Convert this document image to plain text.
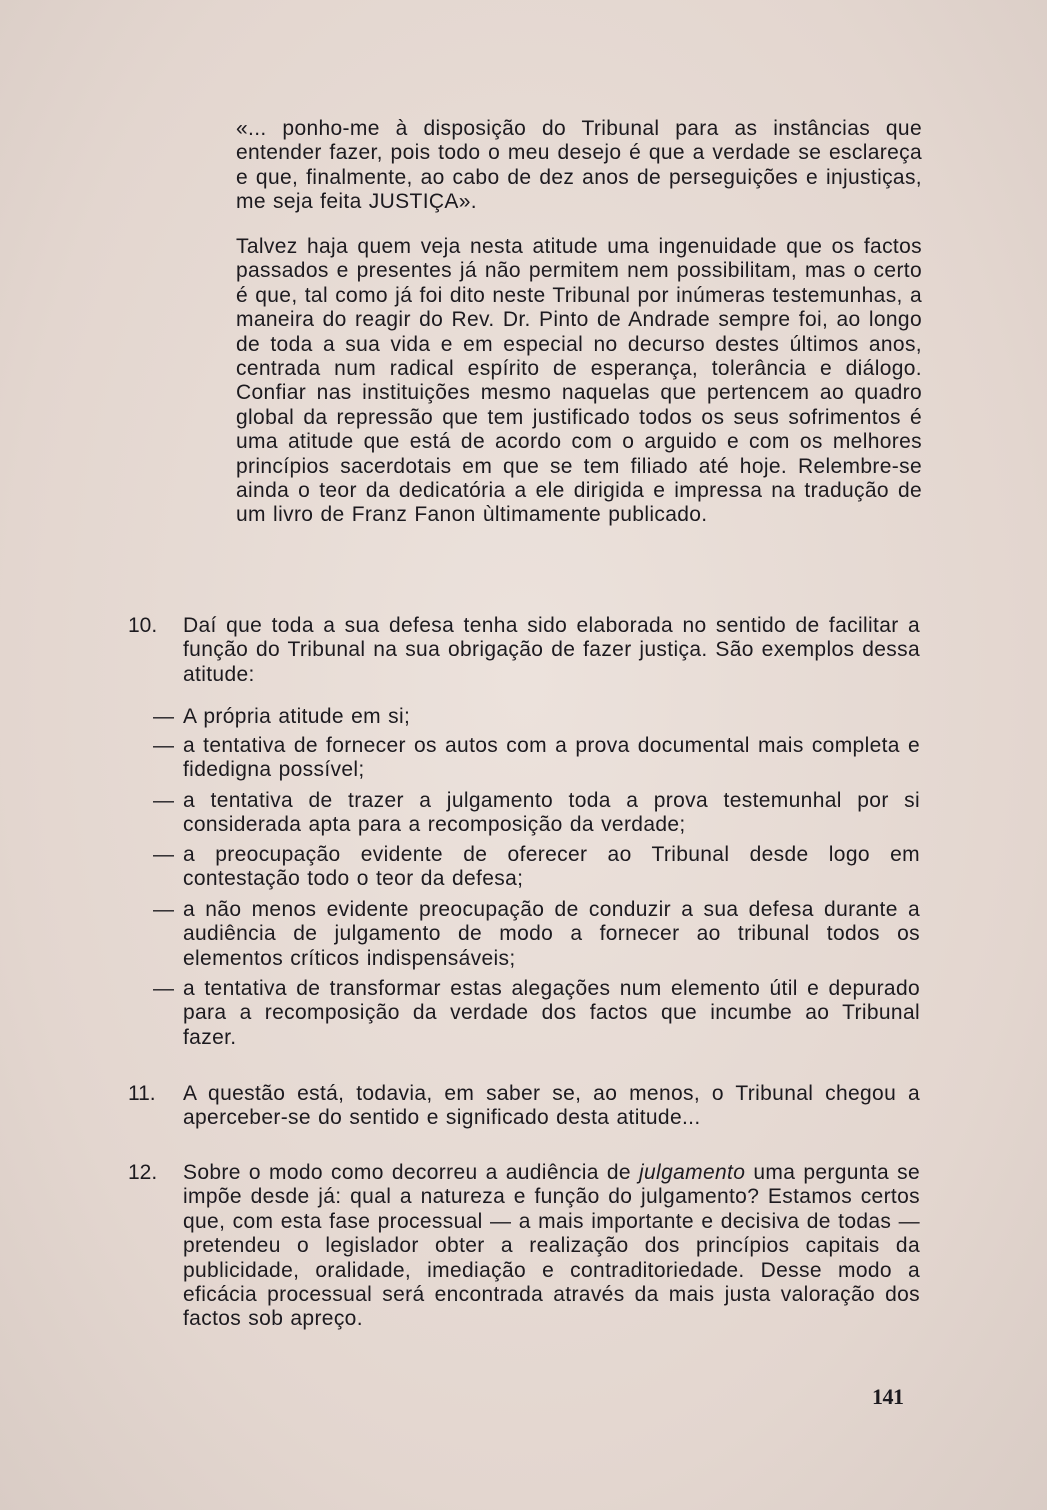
«... ponho-me à disposição do Tribunal para as instâncias que entender fazer, pois todo o meu desejo é que a verdade se esclareça e que, finalmente, ao cabo de dez anos de perseguições e injustiças, me seja feita JUSTIÇA».

Talvez haja quem veja nesta atitude uma ingenuidade que os factos passados e presentes já não permitem nem possibilitam, mas o certo é que, tal como já foi dito neste Tribunal por inúmeras testemunhas, a maneira do reagir do Rev. Dr. Pinto de Andrade sempre foi, ao longo de toda a sua vida e em especial no decurso destes últimos anos, centrada num radical espírito de esperança, tolerância e diálogo. Confiar nas instituições mesmo naquelas que pertencem ao quadro global da repressão que tem justificado todos os seus sofrimentos é uma atitude que está de acordo com o arguido e com os melhores princípios sacerdotais em que se tem filiado até hoje. Relembre-se ainda o teor da dedicatória a ele dirigida e impressa na tradução de um livro de Franz Fanon ùltimamente publicado.

10.	Daí que toda a sua defesa tenha sido elaborada no sentido de facilitar a função do Tribunal na sua obrigação de fazer justiça. São exemplos dessa atitude:

— A própria atitude em si;
— a tentativa de fornecer os autos com a prova documental mais completa e fidedigna possível;
— a tentativa de trazer a julgamento toda a prova testemunhal por si considerada apta para a recomposição da verdade;
— a preocupação evidente de oferecer ao Tribunal desde logo em contestação todo o teor da defesa;
— a não menos evidente preocupação de conduzir a sua defesa durante a audiência de julgamento de modo a fornecer ao tribunal todos os elementos críticos indispensáveis;
— a tentativa de transformar estas alegações num elemento útil e depurado para a recomposição da verdade dos factos que incumbe ao Tribunal fazer.

11.	A questão está, todavia, em saber se, ao menos, o Tribunal chegou a aperceber-se do sentido e significado desta atitude...

12.	Sobre o modo como decorreu a audiência de julgamento uma pergunta se impõe desde já: qual a natureza e função do julgamento? Estamos certos que, com esta fase processual — a mais importante e decisiva de todas — pretendeu o legislador obter a realização dos princípios capitais da publicidade, oralidade, imediação e contraditoriedade. Desse modo a eficácia processual será encontrada através da mais justa valoração dos factos sob apreço.

141
